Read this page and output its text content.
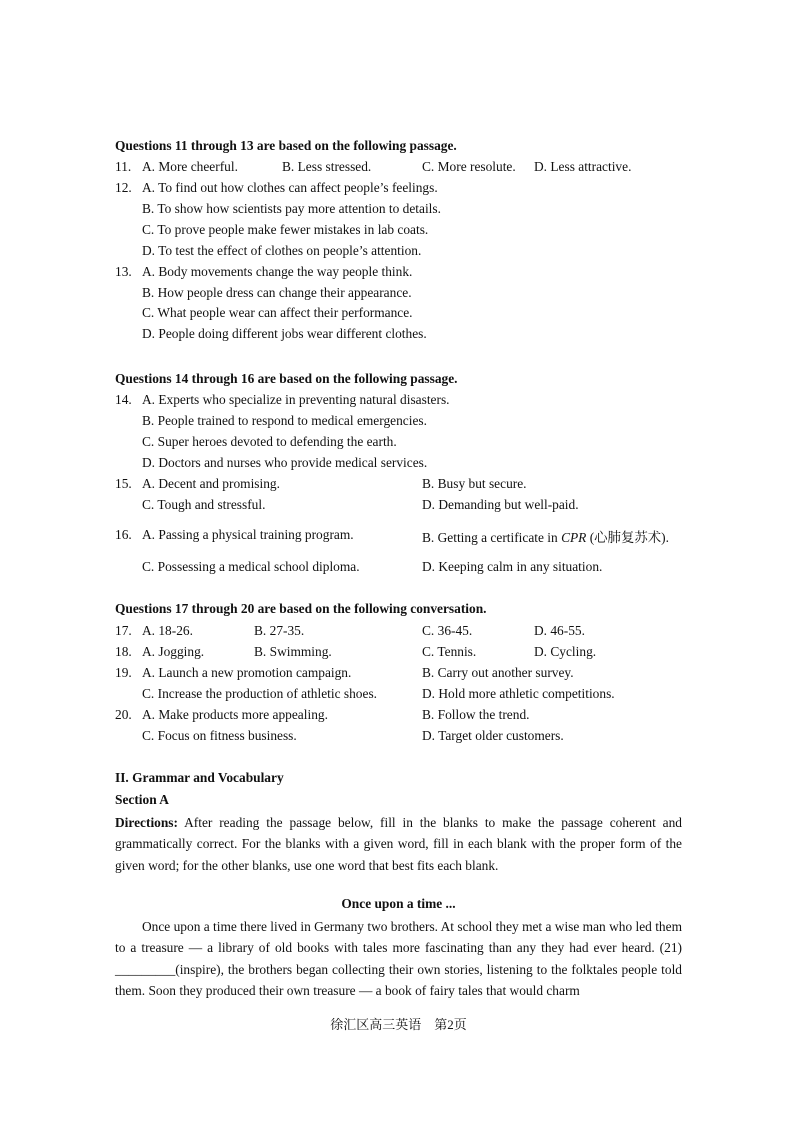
Questions 11 through 13 are based on the following passage.
11. A. More cheerful.	B. Less stressed.	C. More resolute. D. Less attractive.
12. A. To find out how clothes can affect people’s feelings.
B. To show how scientists pay more attention to details.
C. To prove people make fewer mistakes in lab coats.
D. To test the effect of clothes on people’s attention.
13. A. Body movements change the way people think.
B. How people dress can change their appearance.
C. What people wear can affect their performance.
D. People doing different jobs wear different clothes.
Questions 14 through 16 are based on the following passage.
14. A. Experts who specialize in preventing natural disasters.
B. People trained to respond to medical emergencies.
C. Super heroes devoted to defending the earth.
D. Doctors and nurses who provide medical services.
15. A. Decent and promising.	B. Busy but secure.
C. Tough and stressful.	D. Demanding but well-paid.
16. A. Passing a physical training program.	B. Getting a certificate in CPR (心肺复苏术).
C. Possessing a medical school diploma.	D. Keeping calm in any situation.
Questions 17 through 20 are based on the following conversation.
17. A. 18-26.	B. 27-35.	C. 36-45.	D. 46-55.
18. A. Jogging.	B. Swimming.	C. Tennis.	D. Cycling.
19. A. Launch a new promotion campaign.	B. Carry out another survey.
C. Increase the production of athletic shoes.	D. Hold more athletic competitions.
20. A. Make products more appealing.	B. Follow the trend.
C. Focus on fitness business.	D. Target older customers.
II. Grammar and Vocabulary
Section A
Directions: After reading the passage below, fill in the blanks to make the passage coherent and grammatically correct. For the blanks with a given word, fill in each blank with the proper form of the given word; for the other blanks, use one word that best fits each blank.
Once upon a time ...
Once upon a time there lived in Germany two brothers. At school they met a wise man who led them to a treasure — a library of old books with tales more fascinating than any they had ever heard. (21) _________(inspire), the brothers began collecting their own stories, listening to the folktales people told them. Soon they produced their own treasure — a book of fairy tales that would charm
徐汇区高三英语　第2页
